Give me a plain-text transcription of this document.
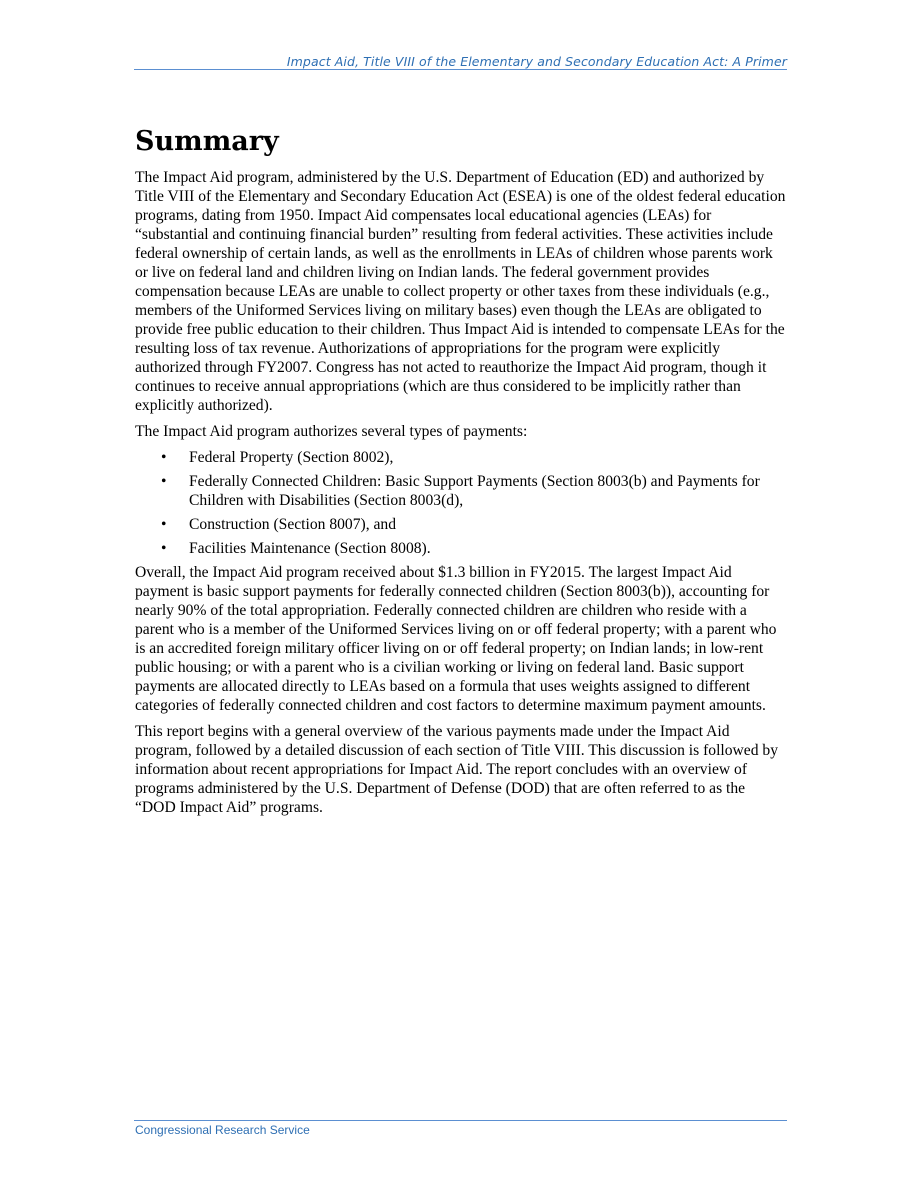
Impact Aid, Title VIII of the Elementary and Secondary Education Act: A Primer
Summary

The Impact Aid program, administered by the U.S. Department of Education (ED) and authorized by Title VIII of the Elementary and Secondary Education Act (ESEA) is one of the oldest federal education programs, dating from 1950. Impact Aid compensates local educational agencies (LEAs) for “substantial and continuing financial burden” resulting from federal activities. These activities include federal ownership of certain lands, as well as the enrollments in LEAs of children whose parents work or live on federal land and children living on Indian lands. The federal government provides compensation because LEAs are unable to collect property or other taxes from these individuals (e.g., members of the Uniformed Services living on military bases) even though the LEAs are obligated to provide free public education to their children. Thus Impact Aid is intended to compensate LEAs for the resulting loss of tax revenue. Authorizations of appropriations for the program were explicitly authorized through FY2007. Congress has not acted to reauthorize the Impact Aid program, though it continues to receive annual appropriations (which are thus considered to be implicitly rather than explicitly authorized).

The Impact Aid program authorizes several types of payments:

• Federal Property (Section 8002),
• Federally Connected Children: Basic Support Payments (Section 8003(b) and Payments for Children with Disabilities (Section 8003(d),
• Construction (Section 8007), and
• Facilities Maintenance (Section 8008).

Overall, the Impact Aid program received about $1.3 billion in FY2015. The largest Impact Aid payment is basic support payments for federally connected children (Section 8003(b)), accounting for nearly 90% of the total appropriation. Federally connected children are children who reside with a parent who is a member of the Uniformed Services living on or off federal property; with a parent who is an accredited foreign military officer living on or off federal property; on Indian lands; in low-rent public housing; or with a parent who is a civilian working or living on federal land. Basic support payments are allocated directly to LEAs based on a formula that uses weights assigned to different categories of federally connected children and cost factors to determine maximum payment amounts.

This report begins with a general overview of the various payments made under the Impact Aid program, followed by a detailed discussion of each section of Title VIII. This discussion is followed by information about recent appropriations for Impact Aid. The report concludes with an overview of programs administered by the U.S. Department of Defense (DOD) that are often referred to as the “DOD Impact Aid” programs.

Congressional Research Service
